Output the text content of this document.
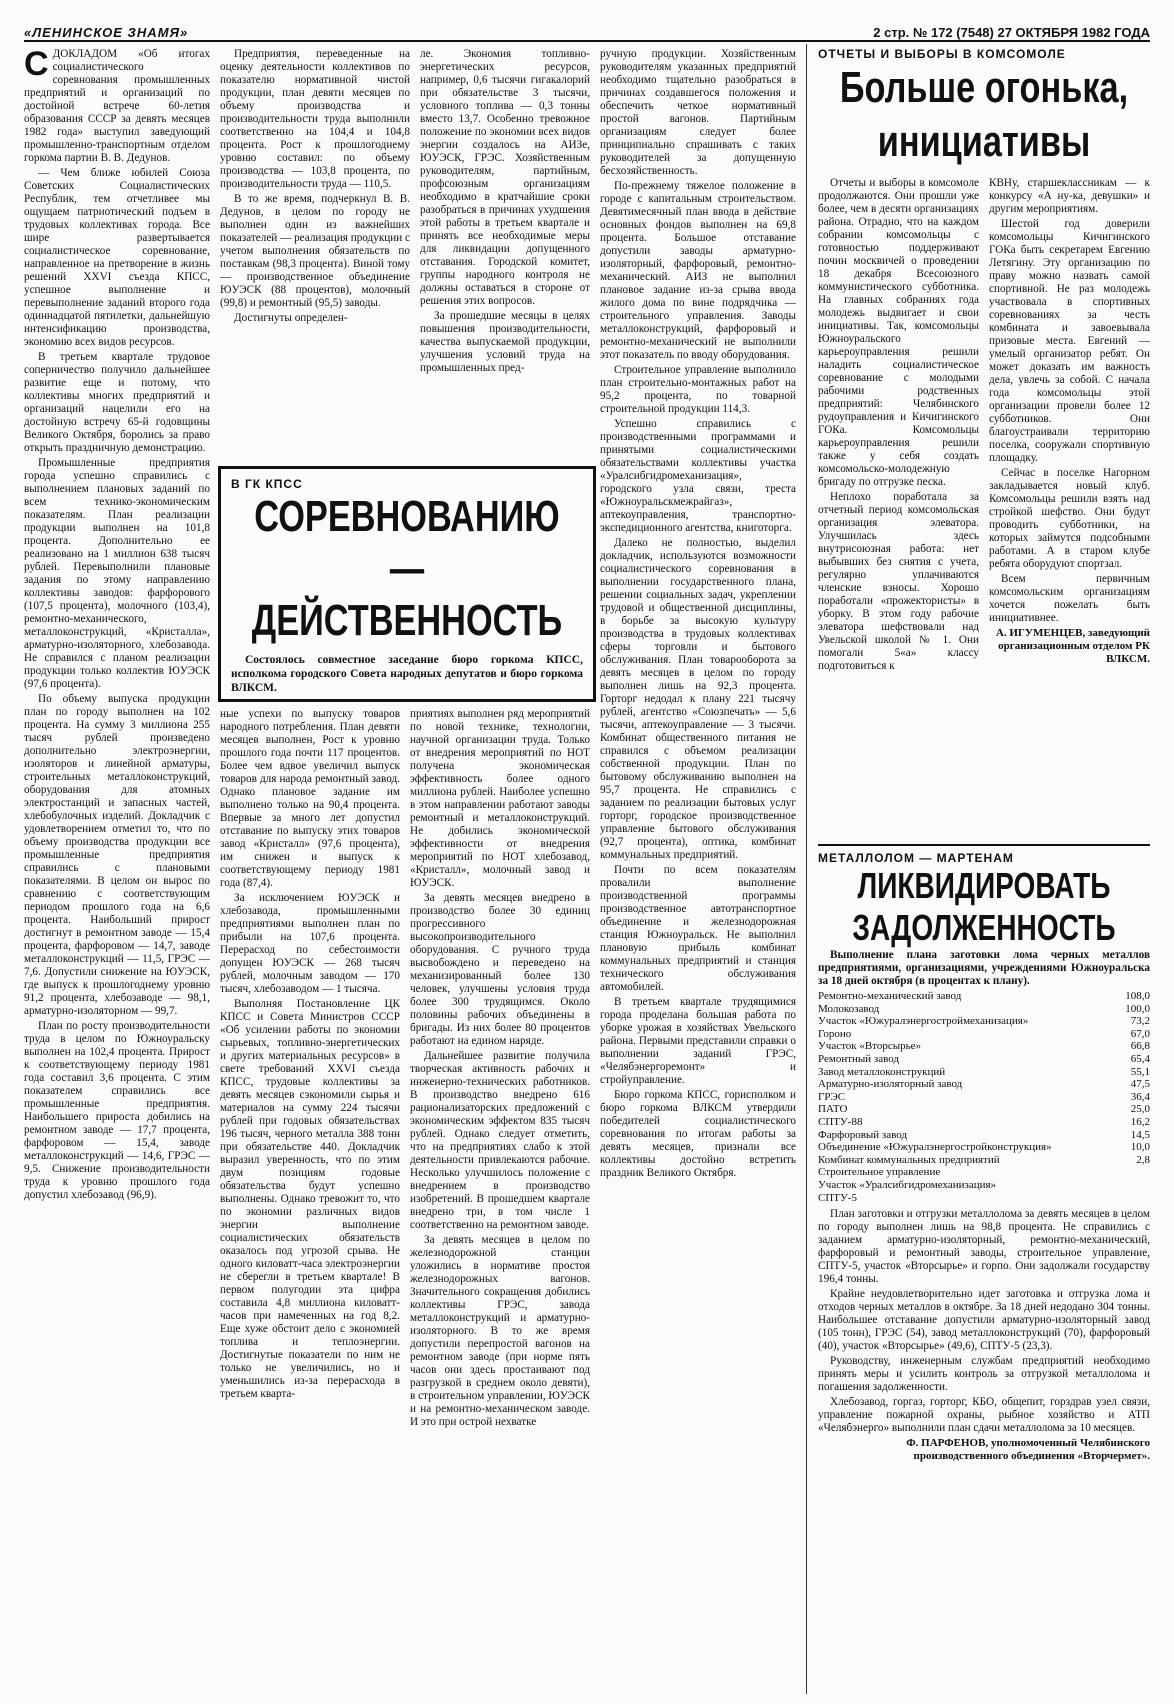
«ЛЕНИНСКОЕ ЗНАМЯ»	2 стр. № 172 (7548) 27 ОКТЯБРЯ 1982 ГОДА

СДОКЛАДОМ «Об итогах социалистического соревнования промышленных предприятий и организаций по достойной встрече 60-летия образования СССР за девять месяцев 1982 года» выступил заведующий промышленно-транспортным отделом горкома партии В. В. Дедунов.

— Чем ближе юбилей Союза Советских Социалистических Республик, тем отчетливее мы ощущаем патриотический подъем в трудовых коллективах города. Все шире развертывается социалистическое соревнование, направленное на претворение в жизнь решений XXVI съезда КПСС, успешное выполнение и перевыполнение заданий второго года одиннадцатой пятилетки, дальнейшую интенсификацию производства, экономию всех видов ресурсов.

В третьем квартале трудовое соперничество получило дальнейшее развитие еще и потому, что коллективы многих предприятий и организаций нацелили его на достойную встречу 65-й годовщины Великого Октября, боролись за право открыть праздничную демонстрацию.

Промышленные предприятия города успешно справились с выполнением плановых заданий по всем технико-экономическим показателям. План реализации продукции выполнен на 101,8 процента. Дополнительно ее реализовано на 1 миллион 638 тысяч рублей. Перевыполнили плановые задания по этому направлению коллективы заводов: фарфорового (107,5 процента), молочного (103,4), ремонтно-механического, металлоконструкций, «Кристалла», арматурно-изоляторного, хлебозавода. Не справился с планом реализации продукции только коллектив ЮУЭСК (97,6 процента).

По объему выпуска продукции план по городу выполнен на 102 процента. На сумму 3 миллиона 255 тысяч рублей произведено дополнительно электроэнергии, изоляторов и линейной арматуры, строительных металлоконструкций, оборудования для атомных электростанций и запасных частей, хлебобулочных изделий. Докладчик с удовлетворением отметил то, что по объему производства продукции все промышленные предприятия справились с плановыми показателями. В целом он вырос по сравнению с соответствующим периодом прошлого года на 6,6 процента. Наибольший прирост достигнут в ремонтном заводе — 15,4 процента, фарфоровом — 14,7, заводе металлоконструкций — 11,5, ГРЭС — 7,6. Допустили снижение на ЮУЭСК, где выпуск к прошлогоднему уровню 91,2 процента, хлебозаводе — 98,1, арматурно-изоляторном — 99,7.

План по росту производительности труда в целом по Южноуральску выполнен на 102,4 процента. Прирост к соответствующему периоду 1981 года составил 3,6 процента. С этим показателем справились все промышленные предприятия. Наибольшего прироста добились на ремонтном заводе — 17,7 процента, фарфоровом — 15,4, заводе металлоконструкций — 14,6, ГРЭС — 9,5. Снижение производительности труда к уровню прошлого года допустил хлебозавод (96,9).

Предприятия, переведенные на оценку деятельности коллективов по показателю нормативной чистой продукции, план девяти месяцев по объему производства и производительности труда выполнили соответственно на 104,4 и 104,8 процента. Рост к прошлогоднему уровню составил: по объему производства — 103,8 процента, по производительности труда — 110,5.

В то же время, подчеркнул В. В. Дедунов, в целом по городу не выполнен один из важнейших показателей — реализация продукции с учетом выполнения обязательств по поставкам (98,3 процента). Виной тому — производственное объединение ЮУЭСК (88 процентов), молочный (99,8) и ремонтный (95,5) заводы.

Достигнуты определен-

ле. Экономия топливно-энергетических ресурсов, например, 0,6 тысячи гигакалорий при обязательстве 3 тысячи, условного топлива — 0,3 тонны вместо 13,7. Особенно тревожное положение по экономии всех видов энергии создалось на АИЗе, ЮУЭСК, ГРЭС. Хозяйственным руководителям, партийным, профсоюзным организациям необходимо в кратчайшие сроки разобраться в причинах ухудшения этой работы в третьем квартале и принять все необходимые меры для ликвидации допущенного отставания. Городской комитет, группы народного контроля не должны оставаться в стороне от решения этих вопросов.

За прошедшие месяцы в целях повышения производительности, качества выпускаемой продукции, улучшения условий труда на промышленных пред-

ручную продукции. Хозяйственным руководителям указанных предприятий необходимо тщательно разобраться в причинах создавшегося положения и обеспечить четкое нормативный простой вагонов. Партийным организациям следует более принципиально спрашивать с таких руководителей за допущенную бесхозяйственность.

По-прежнему тяжелое положение в городе с капитальным строительством. Девятимесячный план ввода в действие основных фондов выполнен на 69,8 процента. Большое отставание допустили заводы арматурно-изоляторный, фарфоровый, ремонтно-механический. АИЗ не выполнил плановое задание из-за срыва ввода жилого дома по вине подрядчика — строительного управления. Заводы металлоконструкций, фарфоровый и ремонтно-механический не выполнили этот показатель по вводу оборудования.

Строительное управление выполнило план строительно-монтажных работ на 95,2 процента, по товарной строительной продукции 114,3.

Успешно справились с производственными программами и принятыми социалистическими обязательствами коллективы участка «Уралсибгидромеханизация», городского узла связи, треста «Южноуральскмежрайгаз», аптекоуправления, транспортно-экспедиционного агентства, книготорга.

Далеко не полностью, выделил докладчик, используются возможности социалистического соревнования в выполнении государственного плана, решении социальных задач, укреплении трудовой и общественной дисциплины, в борьбе за высокую культуру производства в трудовых коллективах сферы торговли и бытового обслуживания. План товарооборота за девять месяцев в целом по городу выполнен лишь на 92,3 процента. Горторг недодал к плану 221 тысячу рублей, агентство «Союзпечать» — 5,6 тысячи, аптекоуправление — 3 тысячи. Комбинат общественного питания не справился с объемом реализации собственной продукции. План по бытовому обслуживанию выполнен на 95,7 процента. Не справились с заданием по реализации бытовых услуг горторг, городское производственное управление бытового обслуживания (92,7 процента), оптика, комбинат коммунальных предприятий.

Почти по всем показателям провалили выполнение производственной программы производственное автотранспортное объединение и железнодорожная станция Южноуральск. Не выполнил плановую прибыль комбинат коммунальных предприятий и станция технического обслуживания автомобилей.

В третьем квартале трудящимися города проделана большая работа по уборке урожая в хозяйствах Увельского района. Первыми представили справки о выполнении заданий ГРЭС, «Челябэнергоремонт» и стройуправление.

Бюро горкома КПСС, горисполком и бюро горкома ВЛКСМ утвердили победителей социалистического соревнования по итогам работы за девять месяцев, признали все коллективы достойно встретить праздник Великого Октября.

В ГК КПСС
СОРЕВНОВАНИЮ — ДЕЙСТВЕННОСТЬ
Состоялось совместное заседание бюро горкома КПСС, исполкома городского Совета народных депутатов и бюро горкома ВЛКСМ.

ные успехи по выпуску товаров народного потребления. План девяти месяцев выполнен, Рост к уровню прошлого года почти 117 процентов. Более чем вдвое увеличил выпуск товаров для народа ремонтный завод. Однако плановое задание им выполнено только на 90,4 процента. Впервые за много лет допустил отставание по выпуску этих товаров завод «Кристалл» (97,6 процента), им снижен и выпуск к соответствующему периоду 1981 года (87,4).

За исключением ЮУЭСК и хлебозавода, промышленными предприятиями выполнен план по прибыли на 107,6 процента. Перерасход по себестоимости допущен ЮУЭСК — 268 тысяч рублей, молочным заводом — 170 тысяч, хлебозаводом — 1 тысяча.

Выполняя Постановление ЦК КПСС и Совета Министров СССР «Об усилении работы по экономии сырьевых, топливно-энергетических и других материальных ресурсов» в свете требований XXVI съезда КПСС, трудовые коллективы за девять месяцев сэкономили сырья и материалов на сумму 224 тысячи рублей при годовых обязательствах 196 тысяч, черного металла 388 тонн при обязательстве 440. Докладчик выразил уверенность, что по этим двум позициям годовые обязательства будут успешно выполнены. Однако тревожит то, что по экономии различных видов энергии выполнение социалистических обязательств оказалось под угрозой срыва. Не одного киловатт-часа электроэнергии не сберегли в третьем квартале! В первом полугодии эта цифра составила 4,8 миллиона киловатт-часов при намеченных на год 8,2. Еще хуже обстоит дело с экономией топлива и теплоэнергии. Достигнутые показатели по ним не только не увеличились, но и уменьшились из-за перерасхода в третьем кварта-

приятиях выполнен ряд мероприятий по новой технике, технологии, научной организации труда. Только от внедрения мероприятий по НОТ получена экономическая эффективность более одного миллиона рублей. Наиболее успешно в этом направлении работают заводы ремонтный и металлоконструкций. Не добились экономической эффективности от внедрения мероприятий по НОТ хлебозавод, «Кристалл», молочный завод и ЮУЭСК.

За девять месяцев внедрено в производство более 30 единиц прогрессивного высокопроизводительного оборудования. С ручного труда высвобождено и переведено на механизированный более 130 человек, улучшены условия труда более 300 трудящимся. Около половины рабочих объединены в бригады. Из них более 80 процентов работают на едином наряде.

Дальнейшее развитие получила творческая активность рабочих и инженерно-технических работников. В производство внедрено 616 рационализаторских предложений с экономическим эффектом 835 тысяч рублей. Однако следует отметить, что на предприятиях слабо к этой деятельности привлекаются рабочие. Несколько улучшилось положение с внедрением в производство изобретений. В прошедшем квартале внедрено три, в том числе 1 соответственно на ремонтном заводе.

За девять месяцев в целом по железнодорожной станции уложились в нормативе простоя железнодорожных вагонов. Значительного сокращения добились коллективы ГРЭС, завода металлоконструкций и арматурно-изоляторного. В то же время допустили перепростой вагонов на ремонтном заводе (при норме пять часов они здесь простаивают под разгрузкой в среднем около девяти), в строительном управлении, ЮУЭСК и на ремонтно-механическом заводе. И это при острой нехватке

ОТЧЕТЫ И ВЫБОРЫ В КОМСОМОЛЕ
Больше огонька, инициативы

Отчеты и выборы в комсомоле продолжаются. Они прошли уже более, чем в десяти организациях района. Отрадно, что на каждом собрании комсомольцы с готовностью поддерживают почин москвичей о проведении 18 декабря Всесоюзного коммунистического субботника. На главных собраниях года молодежь выдвигает и свои инициативы. Так, комсомольцы Южноуральского карьероуправления решили наладить социалистическое соревнование с молодыми рабочими родственных предприятий: Челябинского рудоуправления и Кичигинского ГОКа. Комсомольцы карьероуправления решили также у себя создать комсомольско-молодежную бригаду по отгрузке песка.

Неплохо поработала за отчетный период комсомольская организация элеватора. Улучшилась здесь внутрисоюзная работа: нет выбывших без снятия с учета, регулярно уплачиваются членские взносы. Хорошо поработали «прожектористы» в уборку. В этом году рабочие элеватора шефствовали над Увельской школой № 1. Они помогали 5«а» классу подготовиться к

КВНу, старшеклассникам — к конкурсу «А ну-ка, девушки» и другим мероприятиям.

Шестой год доверили комсомольцы Кичигинского ГОКа быть секретарем Евгению Летягину. Эту организацию по праву можно назвать самой спортивной. Не раз молодежь участвовала в спортивных соревнованиях за честь комбината и завоевывала призовые места. Евгений — умелый организатор ребят. Он может доказать им важность дела, увлечь за собой. С начала года комсомольцы этой организации провели более 12 субботников. Они благоустраивали территорию поселка, сооружали спортивную площадку.

Сейчас в поселке Нагорном закладывается новый клуб. Комсомольцы решили взять над стройкой шефство. Они будут проводить субботники, на которых займутся подсобными работами. А в старом клубе ребята оборудуют спортзал.

Всем первичным комсомольским организациям хочется пожелать быть инициативнее.

А. ИГУМЕНЦЕВ, заведующий организационным отделом РК ВЛКСМ.
МЕТАЛЛОЛОМ — МАРТЕНАМ
ЛИКВИДИРОВАТЬ ЗАДОЛЖЕННОСТЬ
Выполнение плана заготовки лома черных металлов предприятиями, организациями, учреждениями Южноуральска за 18 дней октября (в процентах к плану).
Ремонтно-механический завод	108,0
Молокозавод	100,0
Участок «Южуралэнергостроймеханизация»	73,2
Гороно	67,0
Участок «Вторсырье»	66,8
Ремонтный завод	65,4
Завод металлоконструкций	55,1
Арматурно-изоляторный завод	47,5
ГРЭС	36,4
ПАТО	25,0
СПТУ-88	16,2
Фарфоровый завод	14,5
Объединение «Южуралэнергостройконструкция»	10,0
Комбинат коммунальных предприятий	2,8
Строительное управление	
Участок «Уралсибгидромеханизация»	
СПТУ-5	

План заготовки и отгрузки металлолома за девять месяцев в целом по городу выполнен лишь на 98,8 процента. Не справились с заданием арматурно-изоляторный, ремонтно-механический, фарфоровый и ремонтный заводы, строительное управление, СПТУ-5, участок «Вторсырье» и горпо. Они задолжали государству 196,4 тонны.

Крайне неудовлетворительно идет заготовка и отгрузка лома и отходов черных металлов в октябре. За 18 дней недодано 304 тонны. Наибольшее отставание допустили арматурно-изоляторный завод (105 тонн), ГРЭС (54), завод металлоконструкций (70), фарфоровый (40), участок «Вторсырье» (49,6), СПТУ-5 (23,3).

Руководству, инженерным службам предприятий необходимо принять меры и усилить контроль за отгрузкой металлолома и погашения задолженности.

Хлебозавод, горгаз, горторг, КБО, общепит, горздрав узел связи, управление пожарной охраны, рыбное хозяйство и АТП «Челябэнерго» выполнили план сдачи металлолома за 10 месяцев.

Ф. ПАРФЕНОВ, уполномоченный Челябинского производственного объединения «Вторчермет».
